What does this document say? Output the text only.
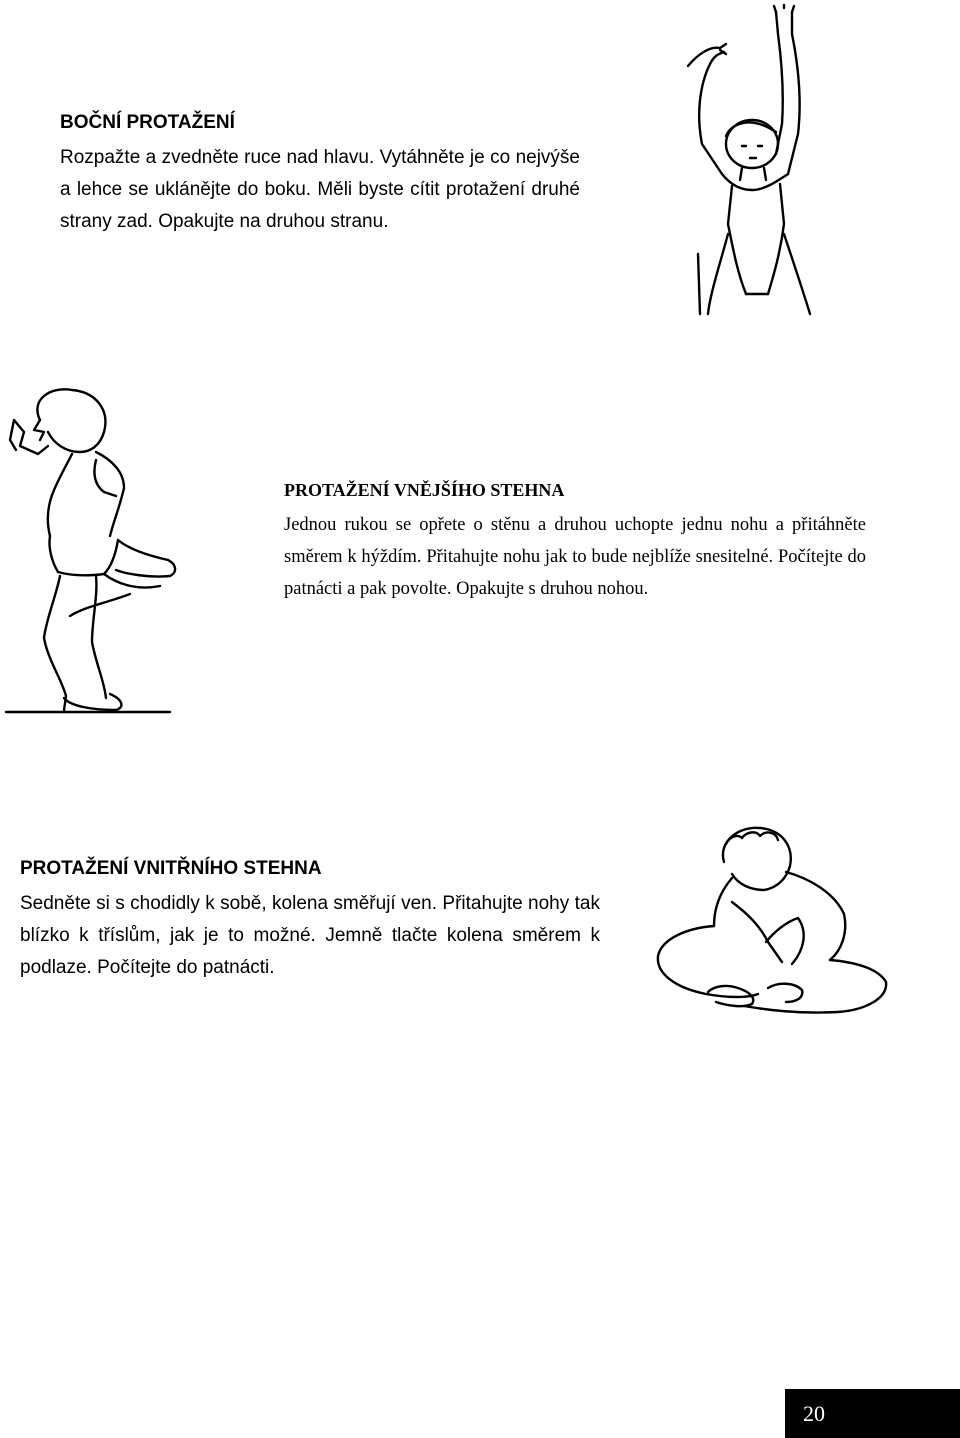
BOČNÍ PROTAŽENÍ

Rozpažte a zvedněte ruce nad hlavu. Vytáhněte je co nejvýše a lehce se uklánějte do boku. Měli byste cítit protažení druhé strany zad. Opakujte na druhou stranu.

PROTAŽENÍ VNĚJŠÍHO STEHNA

Jednou rukou se opřete o stěnu a druhou uchopte jednu nohu a přitáhněte směrem k hýždím. Přitahujte nohu jak to bude nejblíže snesitelné. Počítejte do patnácti a pak povolte. Opakujte s druhou nohou.

PROTAŽENÍ VNITŘNÍHO STEHNA

Sedněte si s chodidly k sobě, kolena směřují ven. Přitahujte nohy tak blízko k tříslům, jak je to možné. Jemně tlačte kolena směrem k podlaze. Počítejte do patnácti.

20
